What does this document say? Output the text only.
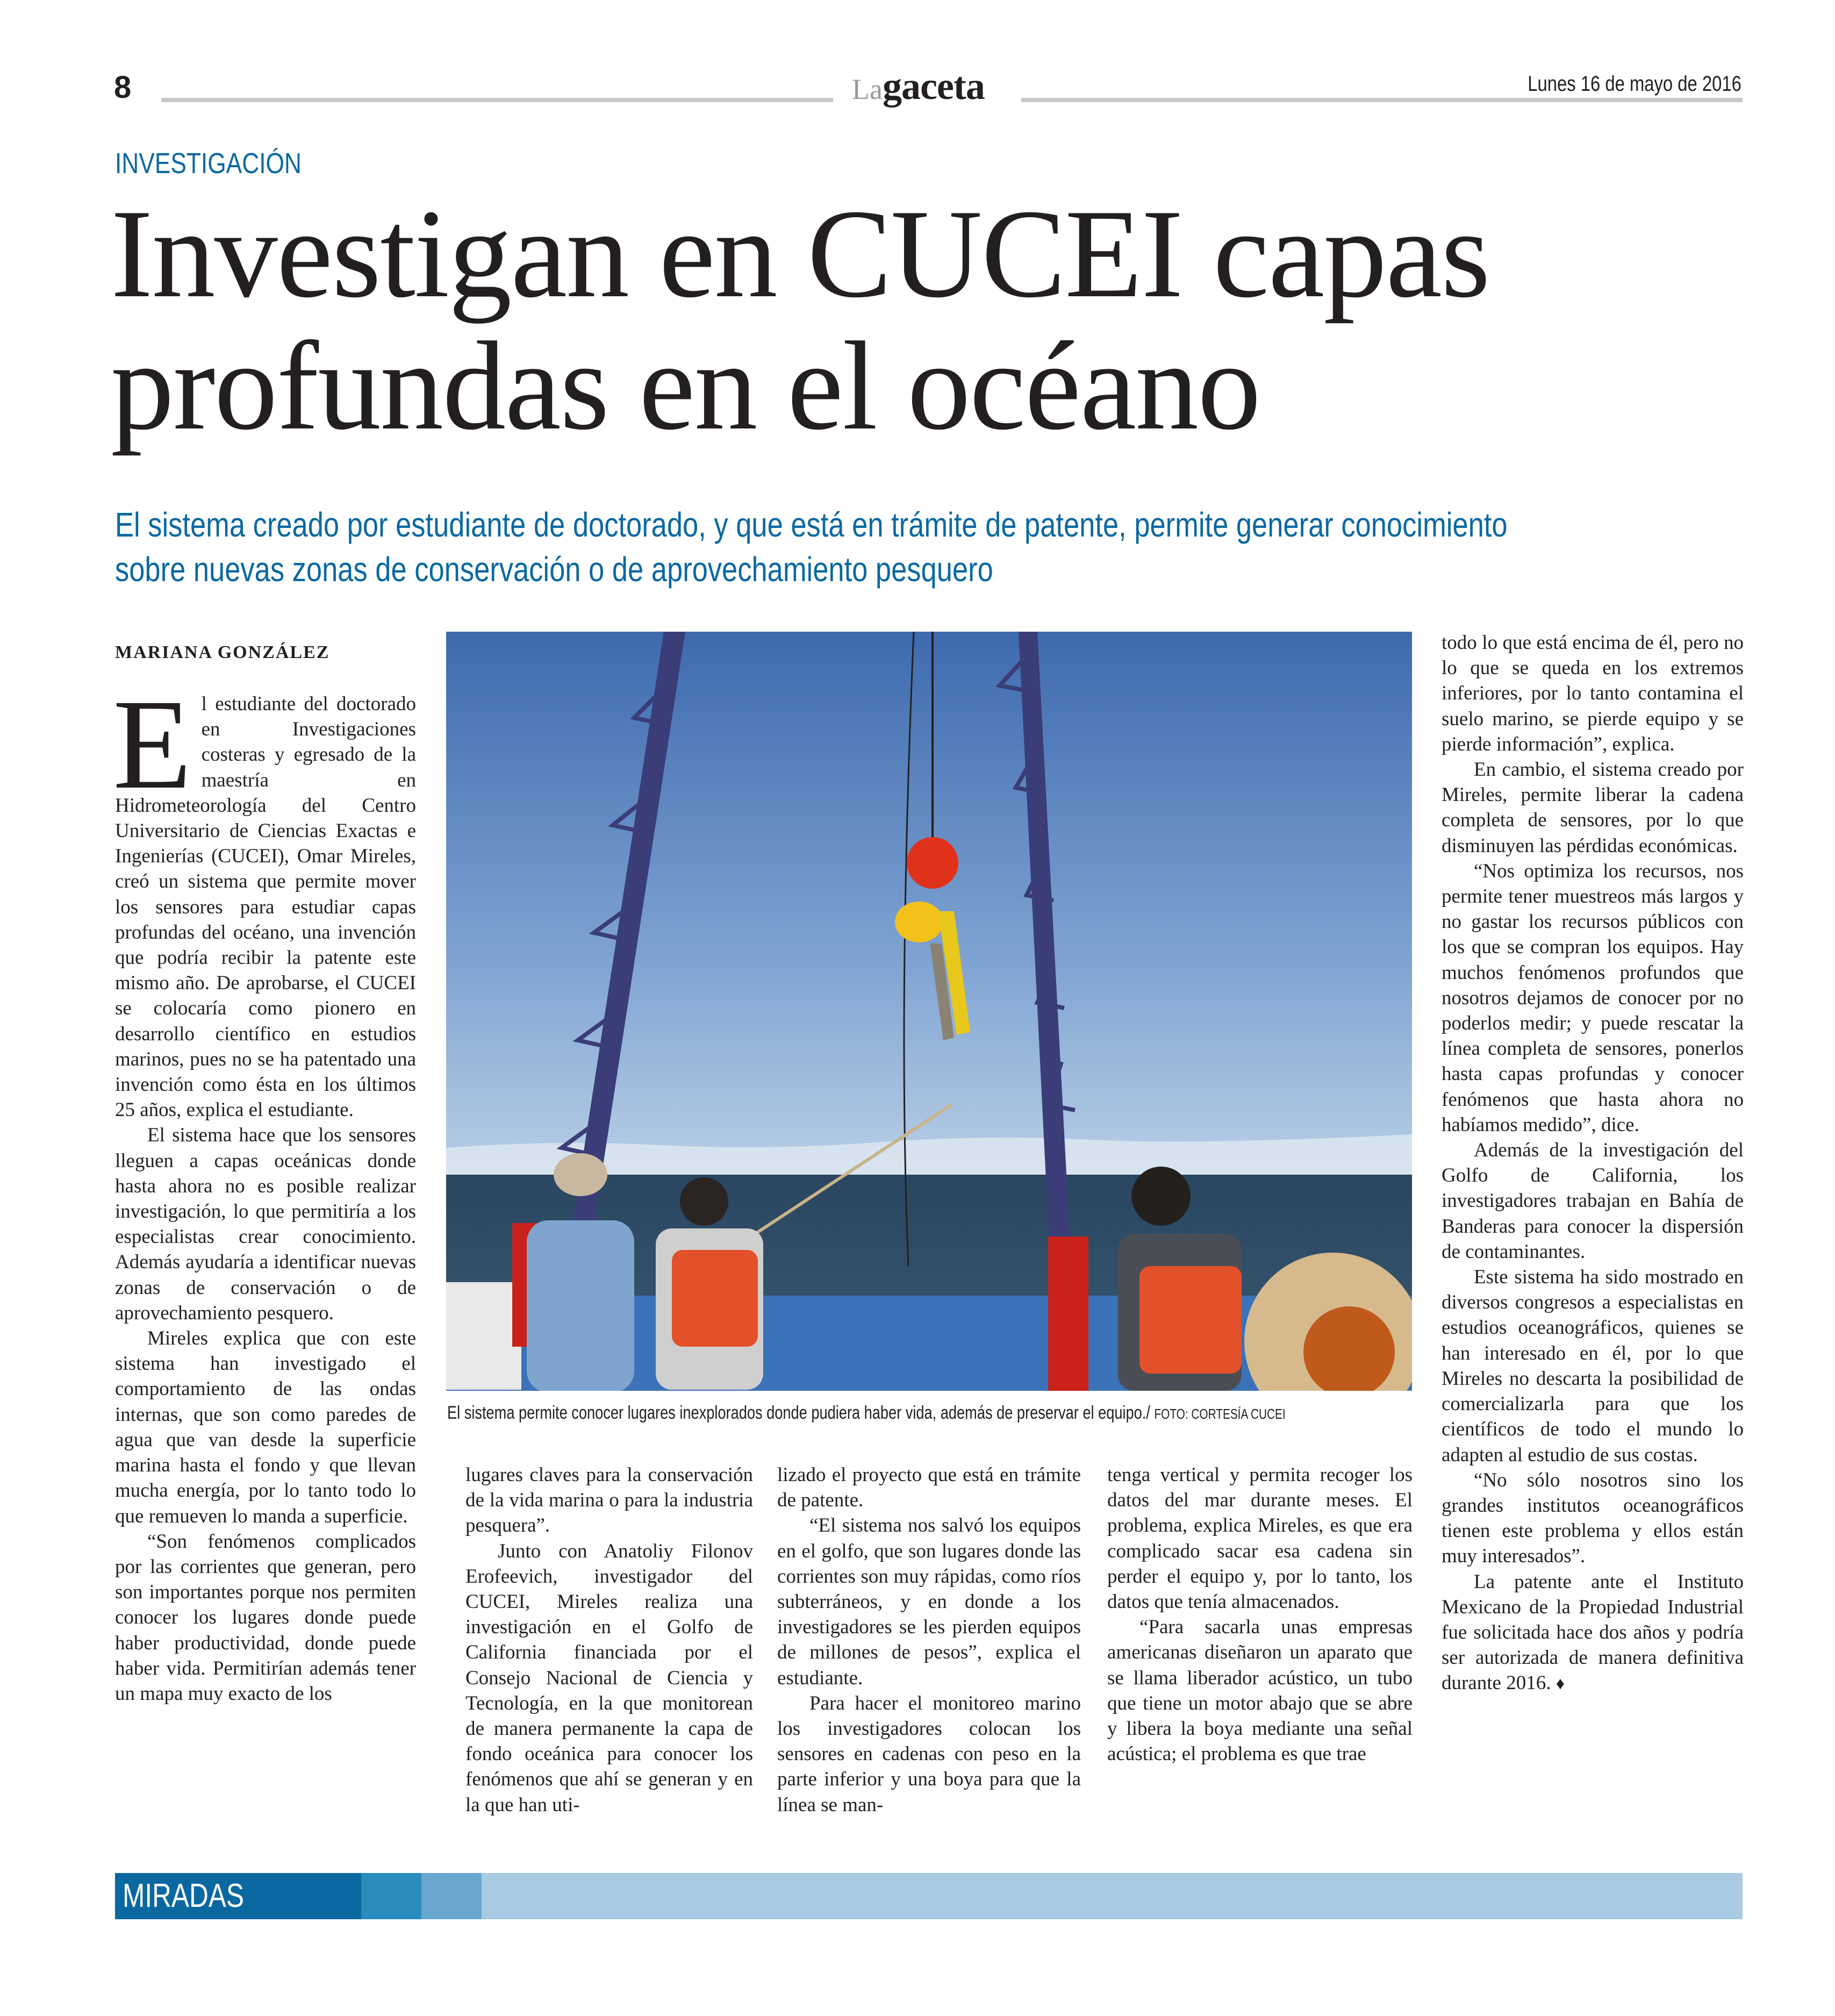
8	Lagaceta	Lunes 16 de mayo de 2016
INVESTIGACIÓN
Investigan en CUCEI capas
profundas en el océano
El sistema creado por estudiante de doctorado, y que está en trámite de patente, permite generar conocimiento
sobre nuevas zonas de conservación o de aprovechamiento pesquero
MARIANA GONZÁLEZ

El estudiante del doctorado en Investigaciones costeras y egresado de la maestría en Hidrometeorología del Centro Universitario de Ciencias Exactas e Ingenierías (CUCEI), Omar Mireles, creó un sistema que permite mover los sensores para estudiar capas profundas del océano, una invención que podría recibir la patente este mismo año. De aprobarse, el CUCEI se colocaría como pionero en desarrollo científico en estudios marinos, pues no se ha patentado una invención como ésta en los últimos 25 años, explica el estudiante.

El sistema hace que los sensores lleguen a capas oceánicas donde hasta ahora no es posible realizar investigación, lo que permitiría a los especialistas crear conocimiento. Además ayudaría a identificar nuevas zonas de conservación o de aprovechamiento pesquero.

Mireles explica que con este sistema han investigado el comportamiento de las ondas internas, que son como paredes de agua que van desde la superficie marina hasta el fondo y que llevan mucha energía, por lo tanto todo lo que remueven lo manda a superficie.

“Son fenómenos complicados por las corrientes que generan, pero son importantes porque nos permiten conocer los lugares donde puede haber productividad, donde puede haber vida. Permitirían además tener un mapa muy exacto de los

El sistema permite conocer lugares inexplorados donde pudiera haber vida, además de preservar el equipo./ FOTO: CORTESÍA CUCEI

lugares claves para la conservación de la vida marina o para la industria pesquera”.

Junto con Anatoliy Filonov Erofeevich, investigador del CUCEI, Mireles realiza una investigación en el Golfo de California financiada por el Consejo Nacional de Ciencia y Tecnología, en la que monitorean de manera permanente la capa de fondo oceánica para conocer los fenómenos que ahí se generan y en la que han uti-

lizado el proyecto que está en trámite de patente.

“El sistema nos salvó los equipos en el golfo, que son lugares donde las corrientes son muy rápidas, como ríos subterráneos, y en donde a los investigadores se les pierden equipos de millones de pesos”, explica el estudiante.

Para hacer el monitoreo marino los investigadores colocan los sensores en cadenas con peso en la parte inferior y una boya para que la línea se man-

tenga vertical y permita recoger los datos del mar durante meses. El problema, explica Mireles, es que era complicado sacar esa cadena sin perder el equipo y, por lo tanto, los datos que tenía almacenados.

“Para sacarla unas empresas americanas diseñaron un aparato que se llama liberador acústico, un tubo que tiene un motor abajo que se abre y libera la boya mediante una señal acústica; el problema es que trae

todo lo que está encima de él, pero no lo que se queda en los extremos inferiores, por lo tanto contamina el suelo marino, se pierde equipo y se pierde información”, explica.

En cambio, el sistema creado por Mireles, permite liberar la cadena completa de sensores, por lo que disminuyen las pérdidas económicas.

“Nos optimiza los recursos, nos permite tener muestreos más largos y no gastar los recursos públicos con los que se compran los equipos. Hay muchos fenómenos profundos que nosotros dejamos de conocer por no poderlos medir; y puede rescatar la línea completa de sensores, ponerlos hasta capas profundas y conocer fenómenos que hasta ahora no habíamos medido”, dice.

Además de la investigación del Golfo de California, los investigadores trabajan en Bahía de Banderas para conocer la dispersión de contaminantes.

Este sistema ha sido mostrado en diversos congresos a especialistas en estudios oceanográficos, quienes se han interesado en él, por lo que Mireles no descarta la posibilidad de comercializarla para que los científicos de todo el mundo lo adapten al estudio de sus costas.

“No sólo nosotros sino los grandes institutos oceanográficos tienen este problema y ellos están muy interesados”.

La patente ante el Instituto Mexicano de la Propiedad Industrial fue solicitada hace dos años y podría ser autorizada de manera definitiva durante 2016. ♦

MIRADAS
